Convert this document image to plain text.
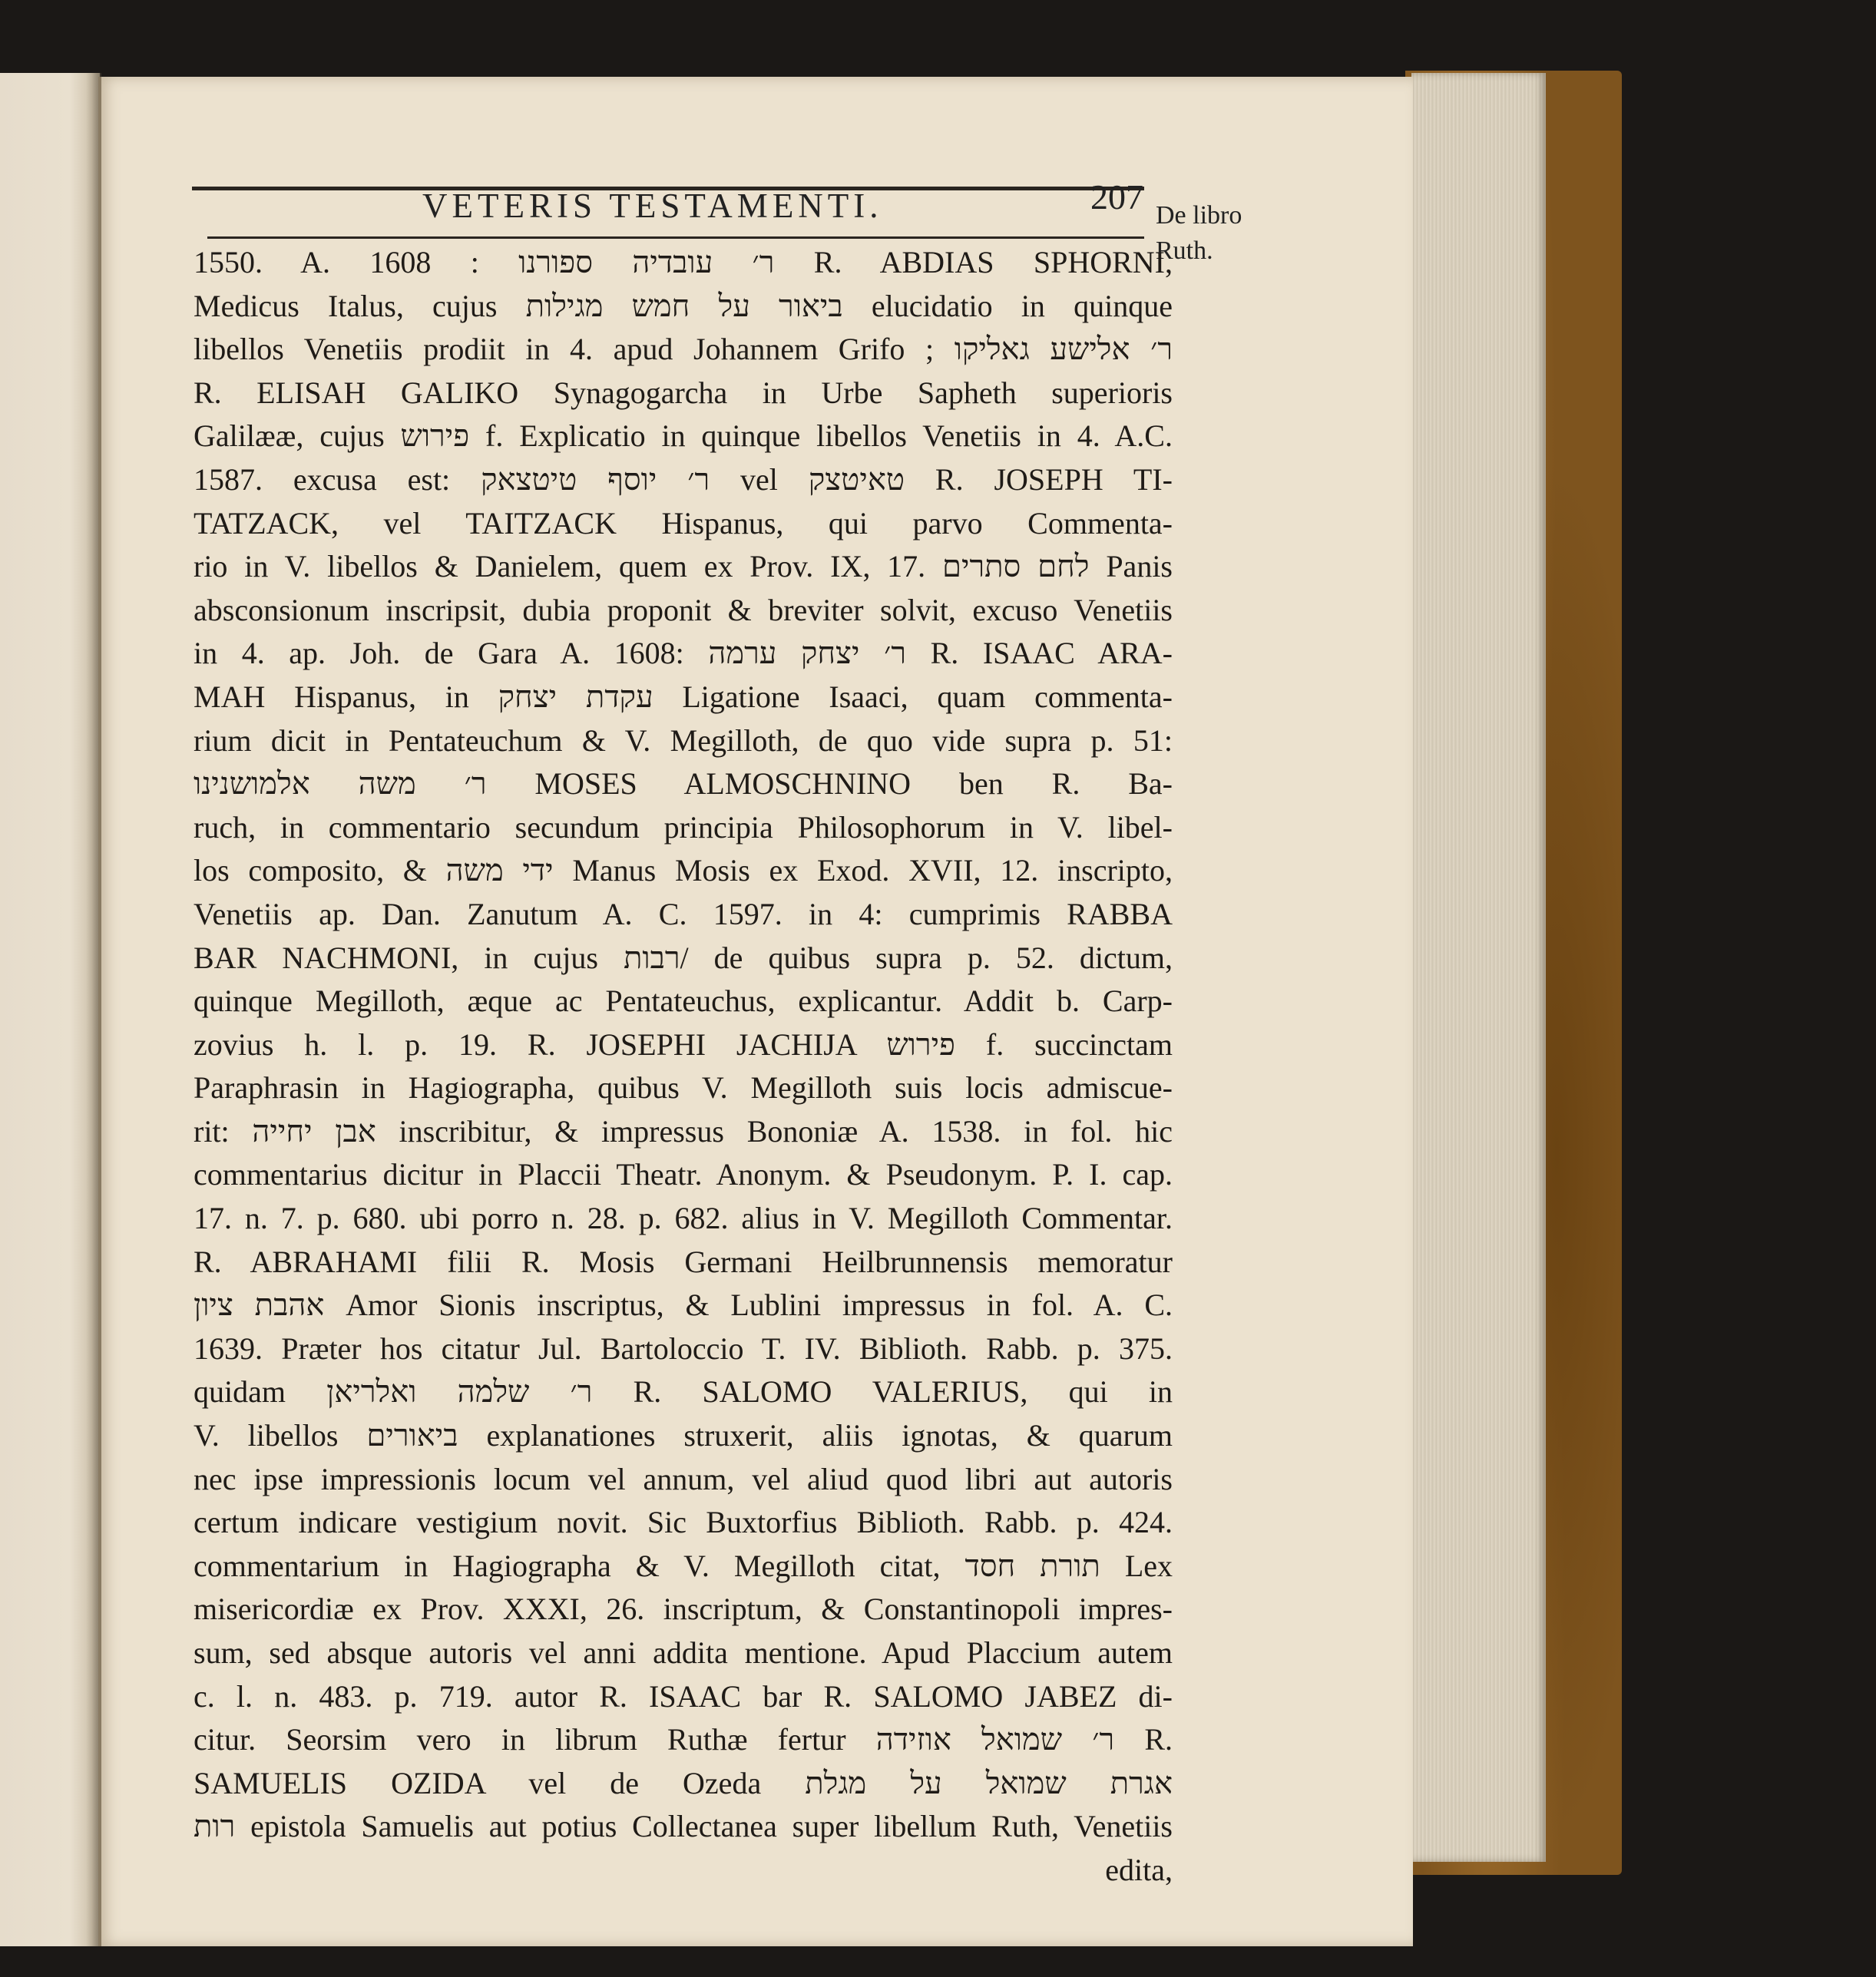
VETERIS TESTAMENTI.	207 De libro
Ruth.
1550. A. 1608 : ר׳ עובדיה ספורנו R. ABDIAS SPHORNI,
Medicus Italus, cujus ביאור על חמש מגילות elucidatio in quinque
libellos Venetiis prodiit in 4. apud Johannem Grifo ; ר׳ אלישע גאליקו
R. ELISAH GALIKO Synagogarcha in Urbe Sapheth superioris
Galilææ, cujus פירוש f. Explicatio in quinque libellos Venetiis in 4. A.C.
1587. excusa est: ר׳ יוסף טיטצאק vel טאיטצק R. JOSEPH TI-
TATZACK, vel TAITZACK Hispanus, qui parvo Commenta-
rio in V. libellos & Danielem, quem ex Prov. IX, 17. לחם סתרים Panis
absconsionum inscripsit, dubia proponit & breviter solvit, excuso Venetiis
in 4. ap. Joh. de Gara A. 1608: ר׳ יצחק ערמה R. ISAAC ARA-
MAH Hispanus, in עקדת יצחק Ligatione Isaaci, quam commenta-
rium dicit in Pentateuchum & V. Megilloth, de quo vide supra p. 51:
ר׳ משה אלמושנינו MOSES ALMOSCHNINO ben R. Ba-
ruch, in commentario secundum principia Philosophorum in V. libel-
los composito, & ידי משה Manus Mosis ex Exod. XVII, 12. inscripto,
Venetiis ap. Dan. Zanutum A. C. 1597. in 4: cumprimis RABBA
BAR NACHMONI, in cujus רבות/ de quibus supra p. 52. dictum,
quinque Megilloth, æque ac Pentateuchus, explicantur. Addit b. Carp-
zovius h. l. p. 19. R. JOSEPHI JACHIJA פירוש f. succinctam
Paraphrasin in Hagiographa, quibus V. Megilloth suis locis admiscue-
rit: אבן יחייה inscribitur, & impressus Bononiæ A. 1538. in fol. hic
commentarius dicitur in Placcii Theatr. Anonym. & Pseudonym. P. I. cap.
17. n. 7. p. 680. ubi porro n. 28. p. 682. alius in V. Megilloth Commentar.
R. ABRAHAMI filii R. Mosis Germani Heilbrunnensis memoratur
אהבת ציון Amor Sionis inscriptus, & Lublini impressus in fol. A. C.
1639. Præter hos citatur Jul. Bartoloccio T. IV. Biblioth. Rabb. p. 375.
quidam ר׳ שלמה ואלריאן R. SALOMO VALERIUS, qui in
V. libellos ביאורים explanationes struxerit, aliis ignotas, & quarum
nec ipse impressionis locum vel annum, vel aliud quod libri aut autoris
certum indicare vestigium novit. Sic Buxtorfius Biblioth. Rabb. p. 424.
commentarium in Hagiographa & V. Megilloth citat, תורת חסד Lex
misericordiæ ex Prov. XXXI, 26. inscriptum, & Constantinopoli impres-
sum, sed absque autoris vel anni addita mentione. Apud Placcium autem
c. l. n. 483. p. 719. autor R. ISAAC bar R. SALOMO JABEZ di-
citur. Seorsim vero in librum Ruthæ fertur ר׳ שמואל אוזידה R.
SAMUELIS OZIDA vel de Ozeda אגרת שמואל על מגלת
רות epistola Samuelis aut potius Collectanea super libellum Ruth, Venetiis
edita,
